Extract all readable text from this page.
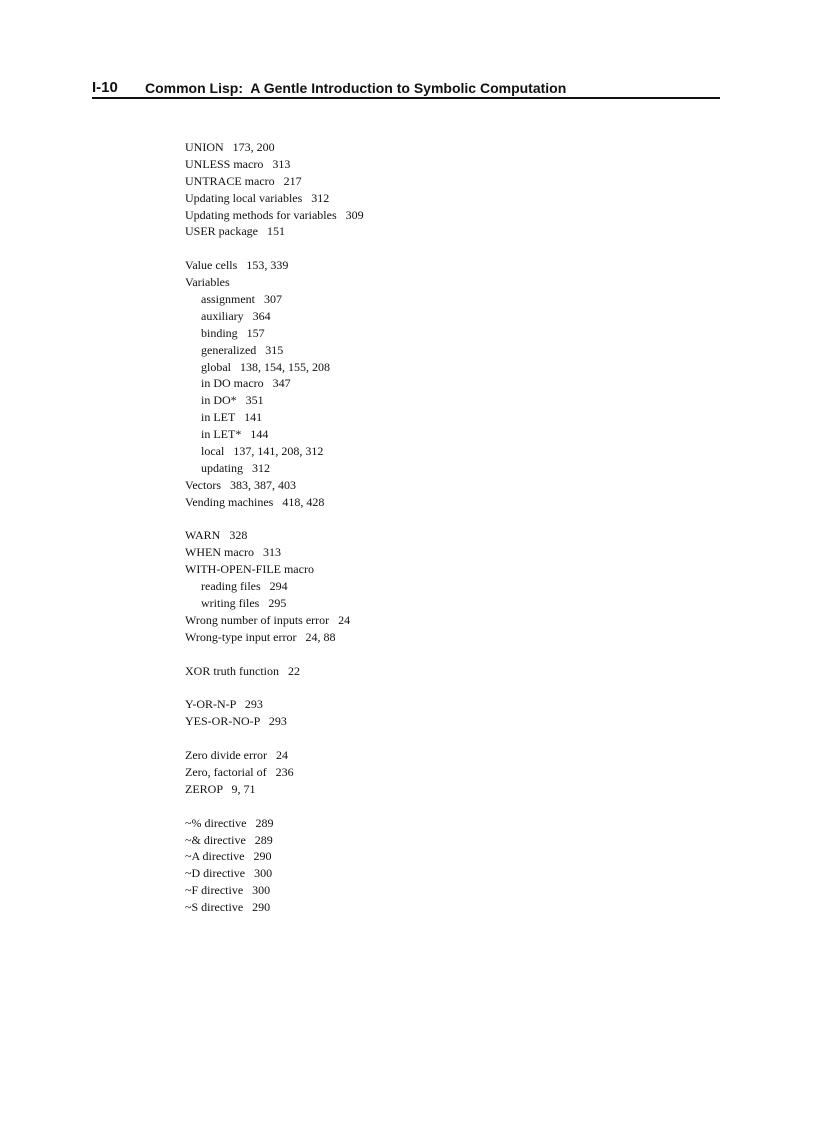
I-10 Common Lisp:  A Gentle Introduction to Symbolic Computation
UNION   173, 200
UNLESS macro   313
UNTRACE macro   217
Updating local variables   312
Updating methods for variables   309
USER package   151
Value cells   153, 339
Variables
assignment   307
auxiliary   364
binding   157
generalized   315
global   138, 154, 155, 208
in DO macro   347
in DO*   351
in LET   141
in LET*   144
local   137, 141, 208, 312
updating   312
Vectors   383, 387, 403
Vending machines   418, 428
WARN   328
WHEN macro   313
WITH-OPEN-FILE macro
reading files   294
writing files   295
Wrong number of inputs error   24
Wrong-type input error   24, 88
XOR truth function   22
Y-OR-N-P   293
YES-OR-NO-P   293
Zero divide error   24
Zero, factorial of   236
ZEROP   9, 71
~% directive   289
~& directive   289
~A directive   290
~D directive   300
~F directive   300
~S directive   290
